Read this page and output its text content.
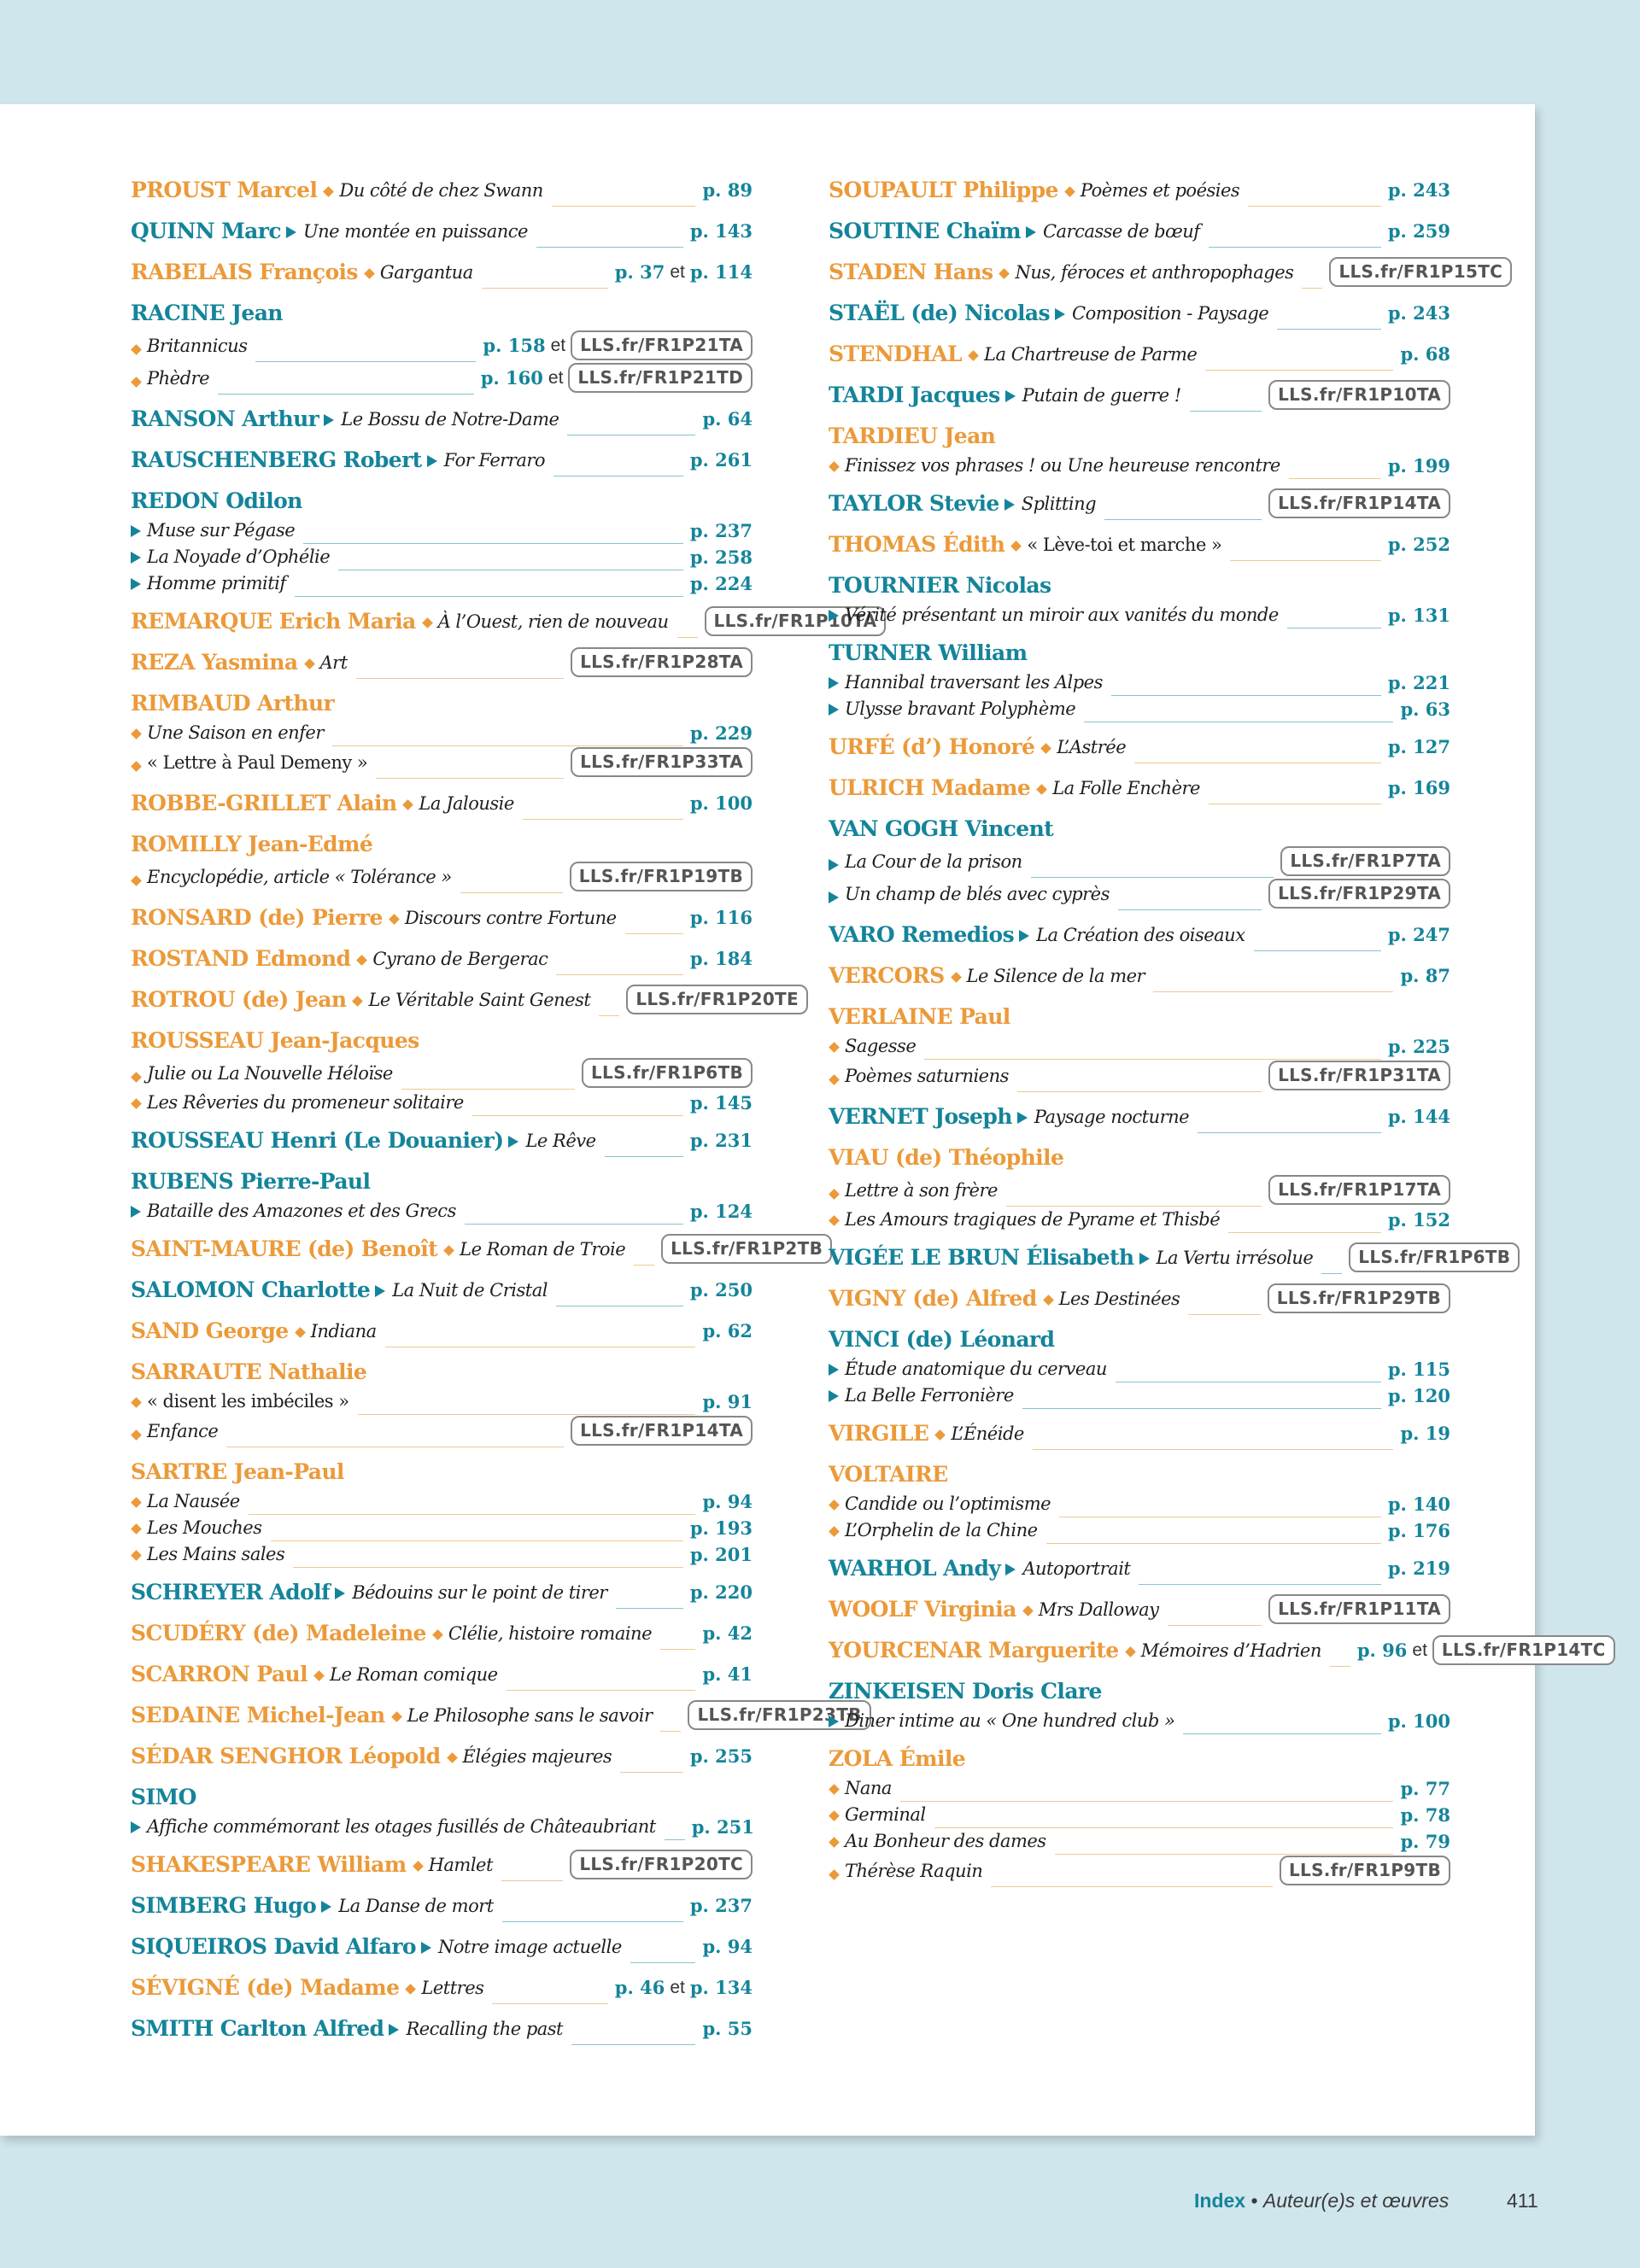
PROUST Marcel Du côté de chez Swann	p. 89
QUINN Marc Une montée en puissance	p. 143
RABELAIS François Gargantua	p. 37 et p. 114
RACINE Jean
Britannicus	p. 158 et LLS.fr/FR1P21TA
Phèdre	p. 160 et LLS.fr/FR1P21TD
RANSON Arthur Le Bossu de Notre-Dame	p. 64
RAUSCHENBERG Robert For Ferraro	p. 261
REDON Odilon
Muse sur Pégase	p. 237
La Noyade d’Ophélie	p. 258
Homme primitif	p. 224
REMARQUE Erich Maria À l’Ouest, rien de nouveau	LLS.fr/FR1P10TA
REZA Yasmina Art	LLS.fr/FR1P28TA
RIMBAUD Arthur
Une Saison en enfer	p. 229
« Lettre à Paul Demeny »	LLS.fr/FR1P33TA
ROBBE-GRILLET Alain La Jalousie	p. 100
ROMILLY Jean-Edmé
Encyclopédie, article « Tolérance »	LLS.fr/FR1P19TB
RONSARD (de) Pierre Discours contre Fortune	p. 116
ROSTAND Edmond Cyrano de Bergerac	p. 184
ROTROU (de) Jean Le Véritable Saint Genest	LLS.fr/FR1P20TE
ROUSSEAU Jean-Jacques
Julie ou La Nouvelle Héloïse	LLS.fr/FR1P6TB
Les Rêveries du promeneur solitaire	p. 145
ROUSSEAU Henri (Le Douanier) Le Rêve	p. 231
RUBENS Pierre-Paul
Bataille des Amazones et des Grecs	p. 124
SAINT-MAURE (de) Benoît Le Roman de Troie	LLS.fr/FR1P2TB
SALOMON Charlotte La Nuit de Cristal	p. 250
SAND George Indiana	p. 62
SARRAUTE Nathalie
« disent les imbéciles »	p. 91
Enfance	LLS.fr/FR1P14TA
SARTRE Jean-Paul
La Nausée	p. 94
Les Mouches	p. 193
Les Mains sales	p. 201
SCHREYER Adolf Bédouins sur le point de tirer	p. 220
SCUDÉRY (de) Madeleine Clélie, histoire romaine	p. 42
SCARRON Paul Le Roman comique	p. 41
SEDAINE Michel-Jean Le Philosophe sans le savoir	LLS.fr/FR1P23TB
SÉDAR SENGHOR Léopold Élégies majeures	p. 255
SIMO
Affiche commémorant les otages fusillés de Châteaubriant p. 251
SHAKESPEARE William Hamlet	LLS.fr/FR1P20TC
SIMBERG Hugo La Danse de mort	p. 237
SIQUEIROS David Alfaro Notre image actuelle	p. 94
SÉVIGNÉ (de) Madame Lettres	p. 46 et p. 134
SMITH Carlton Alfred Recalling the past	p. 55
SOUPAULT Philippe Poèmes et poésies	p. 243
SOUTINE Chaïm Carcasse de bœuf	p. 259
STADEN Hans Nus, féroces et anthropophages	LLS.fr/FR1P15TC
STAËL (de) Nicolas Composition - Paysage	p. 243
STENDHAL La Chartreuse de Parme	p. 68
TARDI Jacques Putain de guerre !	LLS.fr/FR1P10TA
TARDIEU Jean
Finissez vos phrases ! ou Une heureuse rencontre	p. 199
TAYLOR Stevie Splitting	LLS.fr/FR1P14TA
THOMAS Édith « Lève-toi et marche »	p. 252
TOURNIER Nicolas
Vérité présentant un miroir aux vanités du monde	p. 131
TURNER William
Hannibal traversant les Alpes	p. 221
Ulysse bravant Polyphème	p. 63
URFÉ (d’) Honoré L’Astrée	p. 127
ULRICH Madame La Folle Enchère	p. 169
VAN GOGH Vincent
La Cour de la prison	LLS.fr/FR1P7TA
Un champ de blés avec cyprès	LLS.fr/FR1P29TA
VARO Remedios La Création des oiseaux	p. 247
VERCORS Le Silence de la mer	p. 87
VERLAINE Paul
Sagesse	p. 225
Poèmes saturniens	LLS.fr/FR1P31TA
VERNET Joseph Paysage nocturne	p. 144
VIAU (de) Théophile
Lettre à son frère	LLS.fr/FR1P17TA
Les Amours tragiques de Pyrame et Thisbé	p. 152
VIGÉE LE BRUN Élisabeth La Vertu irrésolue	LLS.fr/FR1P6TB
VIGNY (de) Alfred Les Destinées	LLS.fr/FR1P29TB
VINCI (de) Léonard
Étude anatomique du cerveau	p. 115
La Belle Ferronière	p. 120
VIRGILE L’Énéide	p. 19
VOLTAIRE
Candide ou l’optimisme	p. 140
L’Orphelin de la Chine	p. 176
WARHOL Andy Autoportrait	p. 219
WOOLF Virginia Mrs Dalloway	LLS.fr/FR1P11TA
YOURCENAR Marguerite Mémoires d’Hadrien p. 96 et LLS.fr/FR1P14TC
ZINKEISEN Doris Clare
Diner intime au « One hundred club »	p. 100
ZOLA Émile
Nana	p. 77
Germinal	p. 78
Au Bonheur des dames	p. 79
Thérèse Raquin	LLS.fr/FR1P9TB
Index • Auteur(e)s et œuvres	411
